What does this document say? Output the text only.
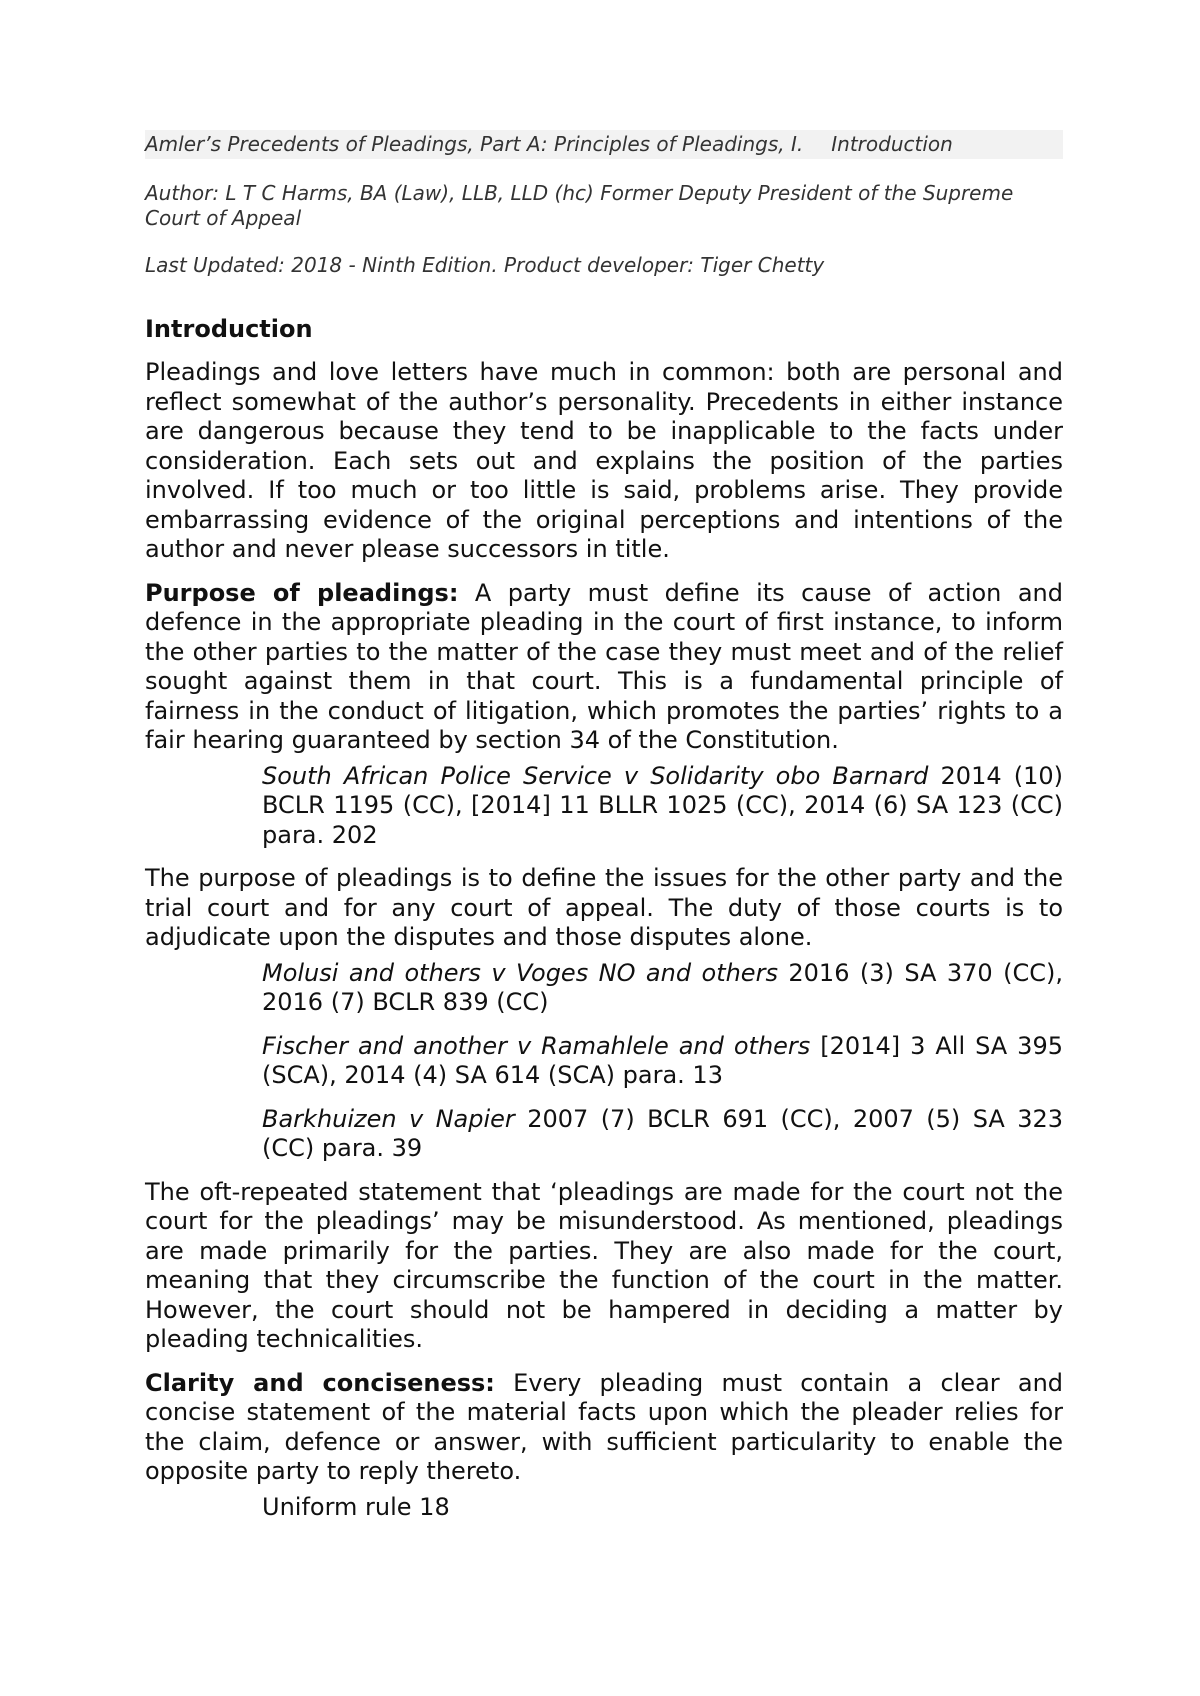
Amler’s Precedents of Pleadings, Part A: Principles of Pleadings, I. Introduction
Author: L T C Harms, BA (Law), LLB, LLD (hc) Former Deputy President of the Supreme Court of Appeal
Last Updated: 2018 - Ninth Edition. Product developer: Tiger Chetty
Introduction

Pleadings and love letters have much in common: both are personal and reflect somewhat of the author’s personality. Precedents in either instance are dangerous because they tend to be inapplicable to the facts under consideration. Each sets out and explains the position of the parties involved. If too much or too little is said, problems arise. They provide embarrassing evidence of the original perceptions and intentions of the author and never please successors in title.

Purpose of pleadings: A party must define its cause of action and defence in the appropriate pleading in the court of first instance, to inform the other parties to the matter of the case they must meet and of the relief sought against them in that court. This is a fundamental principle of fairness in the conduct of litigation, which promotes the parties’ rights to a fair hearing guaranteed by section 34 of the Constitution.

South African Police Service v Solidarity obo Barnard 2014 (10) BCLR 1195 (CC), [2014] 11 BLLR 1025 (CC), 2014 (6) SA 123 (CC) para. 202

The purpose of pleadings is to define the issues for the other party and the trial court and for any court of appeal. The duty of those courts is to adjudicate upon the disputes and those disputes alone.

Molusi and others v Voges NO and others 2016 (3) SA 370 (CC), 2016 (7) BCLR 839 (CC)

Fischer and another v Ramahlele and others [2014] 3 All SA 395 (SCA), 2014 (4) SA 614 (SCA) para. 13

Barkhuizen v Napier 2007 (7) BCLR 691 (CC), 2007 (5) SA 323 (CC) para. 39

The oft-repeated statement that ‘pleadings are made for the court not the court for the pleadings’ may be misunderstood. As mentioned, pleadings are made primarily for the parties. They are also made for the court, meaning that they circumscribe the function of the court in the matter. However, the court should not be hampered in deciding a matter by pleading technicalities.

Clarity and conciseness: Every pleading must contain a clear and concise statement of the material facts upon which the pleader relies for the claim, defence or answer, with sufficient particularity to enable the opposite party to reply thereto.

Uniform rule 18
